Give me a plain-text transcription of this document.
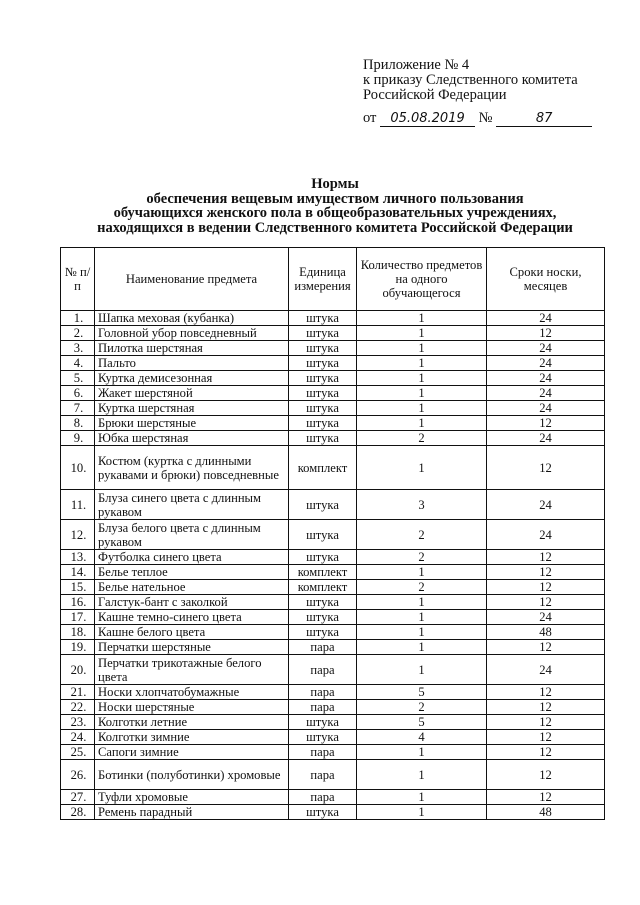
Приложение № 4
к приказу Следственного комитета
Российской Федерации
от 05.08.2019 №	87
Нормы
обеспечения вещевым имуществом личного пользования
обучающихся женского пола в общеобразовательных учреждениях,
находящихся в ведении Следственного комитета Российской Федерации
№ п/п	Наименование предмета	Единица измерения	Количество предметов на одного обучающегося	Сроки носки, месяцев
1.	Шапка меховая (кубанка)	штука	1	24
2.	Головной убор повседневный	штука	1	12
3.	Пилотка шерстяная	штука	1	24
4.	Пальто	штука	1	24
5.	Куртка демисезонная	штука	1	24
6.	Жакет шерстяной	штука	1	24
7.	Куртка шерстяная	штука	1	24
8.	Брюки шерстяные	штука	1	12
9.	Юбка шерстяная	штука	2	24
10.	Костюм (куртка с длинными рукавами и брюки) повседневные	комплект	1	12
11.	Блуза синего цвета с длинным рукавом	штука	3	24
12.	Блуза белого цвета с длинным рукавом	штука	2	24
13.	Футболка синего цвета	штука	2	12
14.	Белье теплое	комплект	1	12
15.	Белье нательное	комплект	2	12
16.	Галстук-бант с заколкой	штука	1	12
17.	Кашне темно-синего цвета	штука	1	24
18.	Кашне белого цвета	штука	1	48
19.	Перчатки шерстяные	пара	1	12
20.	Перчатки трикотажные белого цвета	пара	1	24
21.	Носки хлопчатобумажные	пара	5	12
22.	Носки шерстяные	пара	2	12
23.	Колготки летние	штука	5	12
24.	Колготки зимние	штука	4	12
25.	Сапоги зимние	пара	1	12
26.	Ботинки (полуботинки) хромовые	пара	1	12
27.	Туфли хромовые	пара	1	12
28.	Ремень парадный	штука	1	48
